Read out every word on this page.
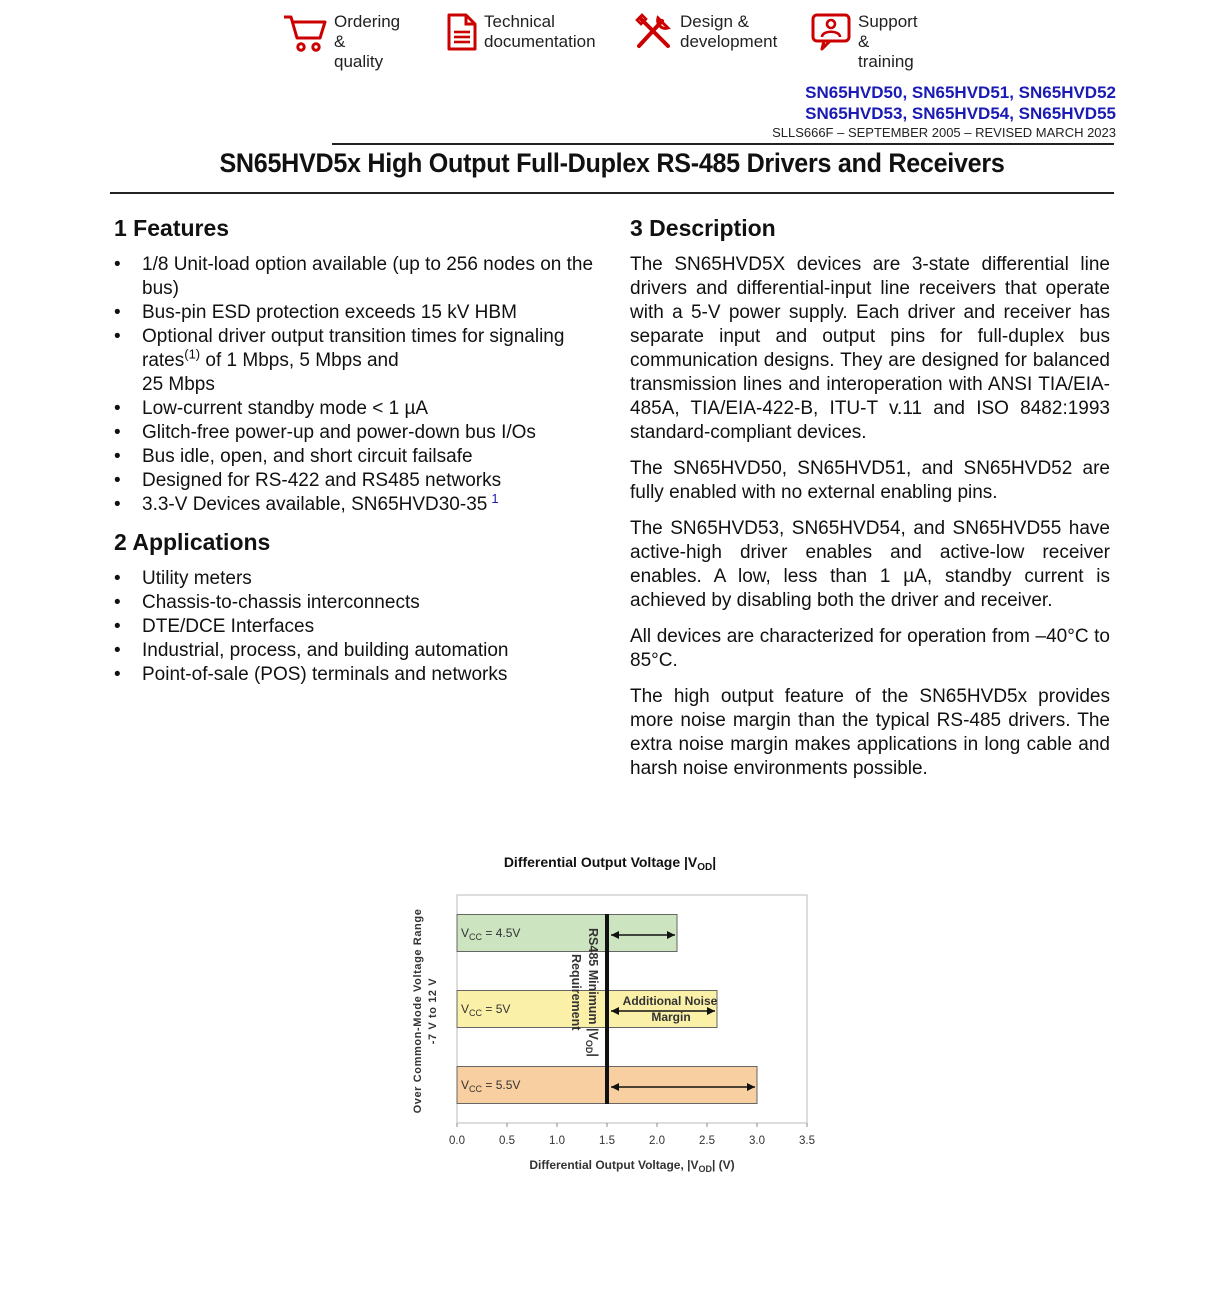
Ordering &
quality
Technical
documentation
Design &
development
Support &
training
SN65HVD50, SN65HVD51, SN65HVD52
SN65HVD53, SN65HVD54, SN65HVD55
SLLS666F – SEPTEMBER 2005 – REVISED MARCH 2023
SN65HVD5x High Output Full-Duplex RS-485 Drivers and Receivers
1 Features
• 1/8 Unit-load option available (up to 256 nodes on the bus)
• Bus-pin ESD protection exceeds 15 kV HBM
• Optional driver output transition times for signaling
rates$^{(1)}$ of 1 Mbps, 5 Mbps and
25 Mbps
• Low-current standby mode < 1 µA
• Glitch-free power-up and power-down bus I/Os
• Bus idle, open, and short circuit failsafe
• Designed for RS-422 and RS485 networks
• 3.3-V Devices available, SN65HVD30-35 $^1$
2 Applications
• Utility meters
• Chassis-to-chassis interconnects
• DTE/DCE Interfaces
• Industrial, process, and building automation
• Point-of-sale (POS) terminals and networks
3 Description

The SN65HVD5X devices are 3-state differential line drivers and differential-input line receivers that operate with a 5-V power supply. Each driver and receiver has separate input and output pins for full-duplex bus communication designs. They are designed for balanced transmission lines and interoperation with ANSI TIA/EIA-485A, TIA/EIA-422-B, ITU-T v.11 and ISO 8482:1993 standard-compliant devices.

The SN65HVD50, SN65HVD51, and SN65HVD52 are fully enabled with no external enabling pins.

The SN65HVD53, SN65HVD54, and SN65HVD55 have active-high driver enables and active-low receiver enables. A low, less than 1 µA, standby current is achieved by disabling both the driver and receiver.

All devices are characterized for operation from –40°C to 85°C.

The high output feature of the SN65HVD5x provides more noise margin than the typical RS-485 drivers. The extra noise margin makes applications in long cable and harsh noise environments possible.

Differential Output Voltage $|V_{OD}|$
$V_{CC} = 4.5V$
$V_{CC} = 5V$
$V_{CC} = 5.5V$
0.0	0.5	1.0	1.5	2.0	2.5	3.0	3.5
RS485 Minimum $|V_{OD}|$
Requirement	Additional Noise
Margin
Over Common-Mode Voltage Range -7 V to 12 V
Differential Output Voltage, $|V_{OD}|$ (V)
